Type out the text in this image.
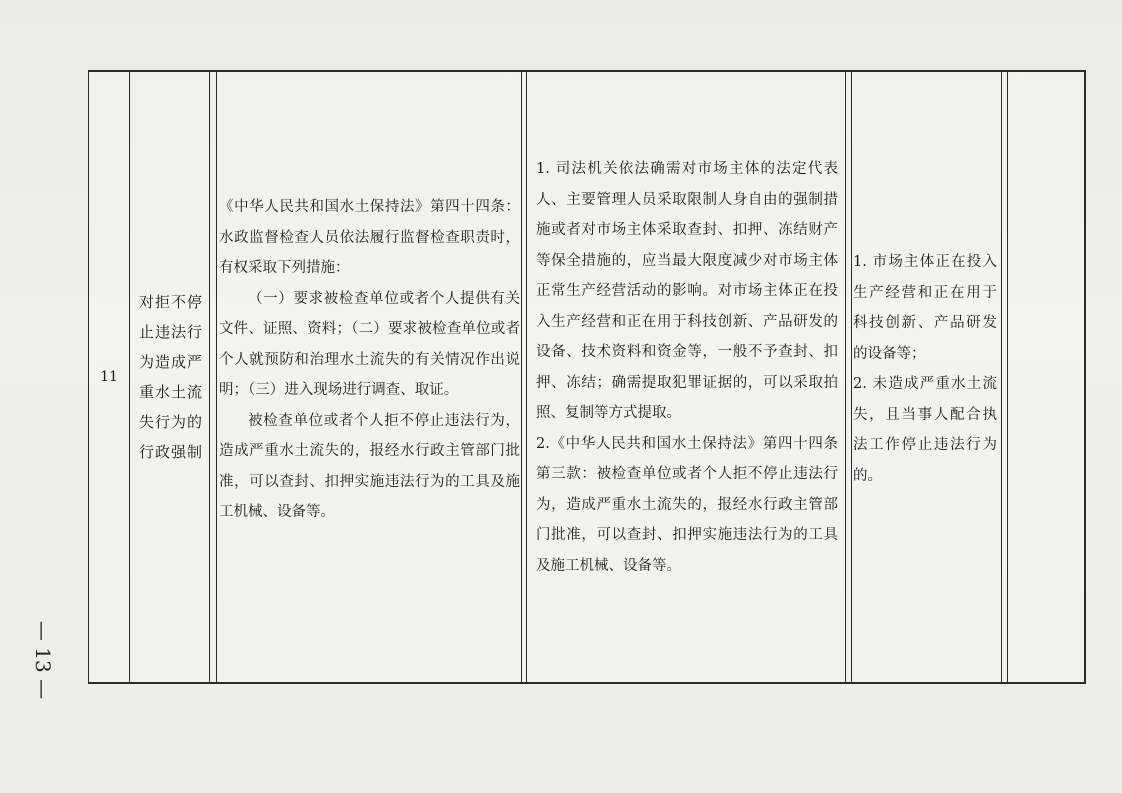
— 13 —
11
对拒不停
止违法行
为造成严
重水土流
失行为的
行政强制

《中华人民共和国水土保持法》第四十四条：水政监督检查人员依法履行监督检查职责时，有权采取下列措施：

（一）要求被检查单位或者个人提供有关文件、证照、资料；（二）要求被检查单位或者个人就预防和治理水土流失的有关情况作出说明；（三）进入现场进行调查、取证。

被检查单位或者个人拒不停止违法行为，造成严重水土流失的，报经水行政主管部门批准，可以查封、扣押实施违法行为的工具及施工机械、设备等。

1. 司法机关依法确需对市场主体的法定代表人、主要管理人员采取限制人身自由的强制措施或者对市场主体采取查封、扣押、冻结财产等保全措施的，应当最大限度减少对市场主体正常生产经营活动的影响。对市场主体正在投入生产经营和正在用于科技创新、产品研发的设备、技术资料和资金等，一般不予查封、扣押、冻结；确需提取犯罪证据的，可以采取拍照、复制等方式提取。

2.《中华人民共和国水土保持法》第四十四条第三款：被检查单位或者个人拒不停止违法行为，造成严重水土流失的，报经水行政主管部门批准，可以查封、扣押实施违法行为的工具及施工机械、设备等。

1. 市场主体正在投入生产经营和正在用于科技创新、产品研发的设备等；

2. 未造成严重水土流失，且当事人配合执法工作停止违法行为的。
